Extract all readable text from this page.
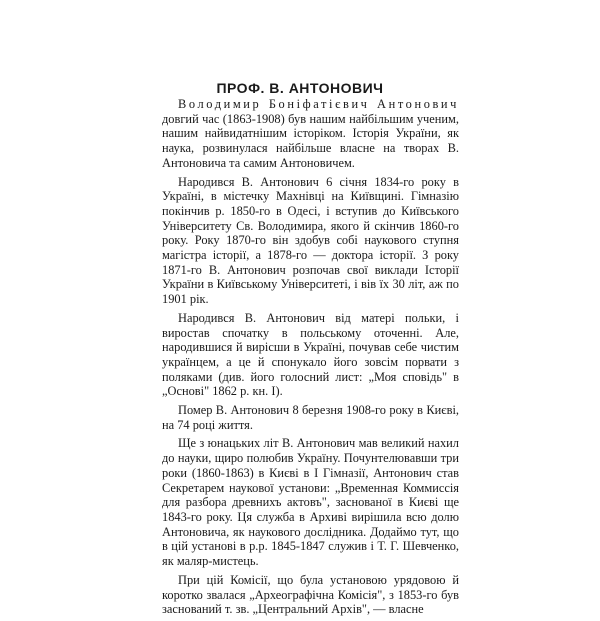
ПРОФ. В. АНТОНОВИЧ

Володимир Боніфатієвич Антонович довгий час (1863-1908) був нашим найбільшим ученим, нашим найвидатнішим історіком. Історія України, як наука, розвинулася найбільше власне на творах В. Антоновича та самим Антоновичем.

Народився В. Антонович 6 січня 1834-го року в Україні, в містечку Махнівці на Київщині. Гімназію покінчив р. 1850-го в Одесі, і вступив до Київського Університету Св. Володимира, якого й скінчив 1860-го року. Року 1870-го він здобув собі наукового ступня магістра історії, а 1878-го — доктора історії. З року 1871-го В. Антонович розпочав свої виклади Історії України в Київському Університеті, і вів їх 30 літ, аж по 1901 рік.

Народився В. Антонович від матері польки, і виростав спочатку в польському оточенні. Але, народившися й вирісши в Україні, почував себе чистим українцем, а це й спонукало його зовсім порвати з поляками (див. його голосний лист: „Моя сповідь" в „Основі" 1862 р. кн. I).

Помер В. Антонович 8 березня 1908-го року в Києві, на 74 році життя.

Ще з юнацьких літ В. Антонович мав великий нахил до науки, щиро полюбив Україну. Почунтелювавши три роки (1860-1863) в Києві в I Гімназії, Антонович став Секретарем наукової установи: „Временная Коммиссія для разбора древнихъ актовъ", заснованої в Києві ще 1843-го року. Ця служба в Архиві вирішила всю долю Антоновича, як наукового дослідника. Додаймо тут, що в цій установі в р.р. 1845-1847 служив і Т. Г. Шевченко, як маляр-мистець.

При цій Комісії, що була установою урядовою й коротко звалася „Археографічна Комісія", з 1853-го був заснований т. зв. „Центральний Архів", — власне
